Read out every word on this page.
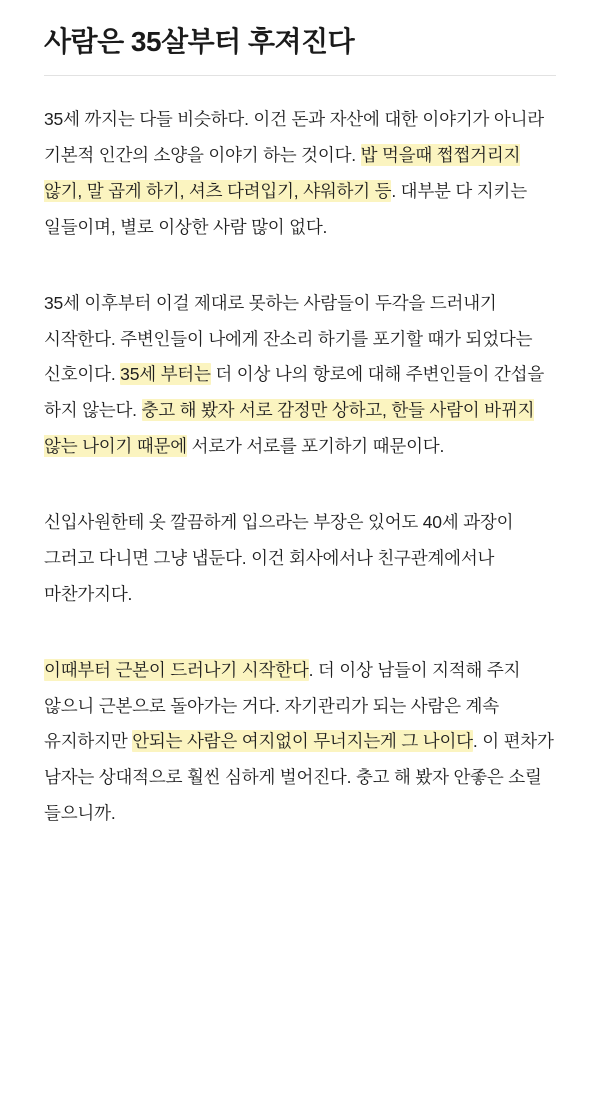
사람은 35살부터 후져진다

35세 까지는 다들 비슷하다. 이건 돈과 자산에 대한 이야기가 아니라 기본적 인간의 소양을 이야기 하는 것이다. 밥 먹을때 쩝쩝거리지 않기, 말 곱게 하기, 셔츠 다려입기, 샤워하기 등. 대부분 다 지키는 일들이며, 별로 이상한 사람 많이 없다.

35세 이후부터 이걸 제대로 못하는 사람들이 두각을 드러내기 시작한다. 주변인들이 나에게 잔소리 하기를 포기할 때가 되었다는 신호이다. 35세 부터는 더 이상 나의 항로에 대해 주변인들이 간섭을 하지 않는다. 충고 해 봤자 서로 감정만 상하고, 한들 사람이 바뀌지 않는 나이기 때문에 서로가 서로를 포기하기 때문이다.

신입사원한테 옷 깔끔하게 입으라는 부장은 있어도 40세 과장이 그러고 다니면 그냥 냅둔다. 이건 회사에서나 친구관계에서나 마찬가지다.

이때부터 근본이 드러나기 시작한다. 더 이상 남들이 지적해 주지 않으니 근본으로 돌아가는 거다. 자기관리가 되는 사람은 계속 유지하지만 안되는 사람은 여지없이 무너지는게 그 나이다. 이 편차가 남자는 상대적으로 훨씬 심하게 벌어진다. 충고 해 봤자 안좋은 소릴 들으니까.
